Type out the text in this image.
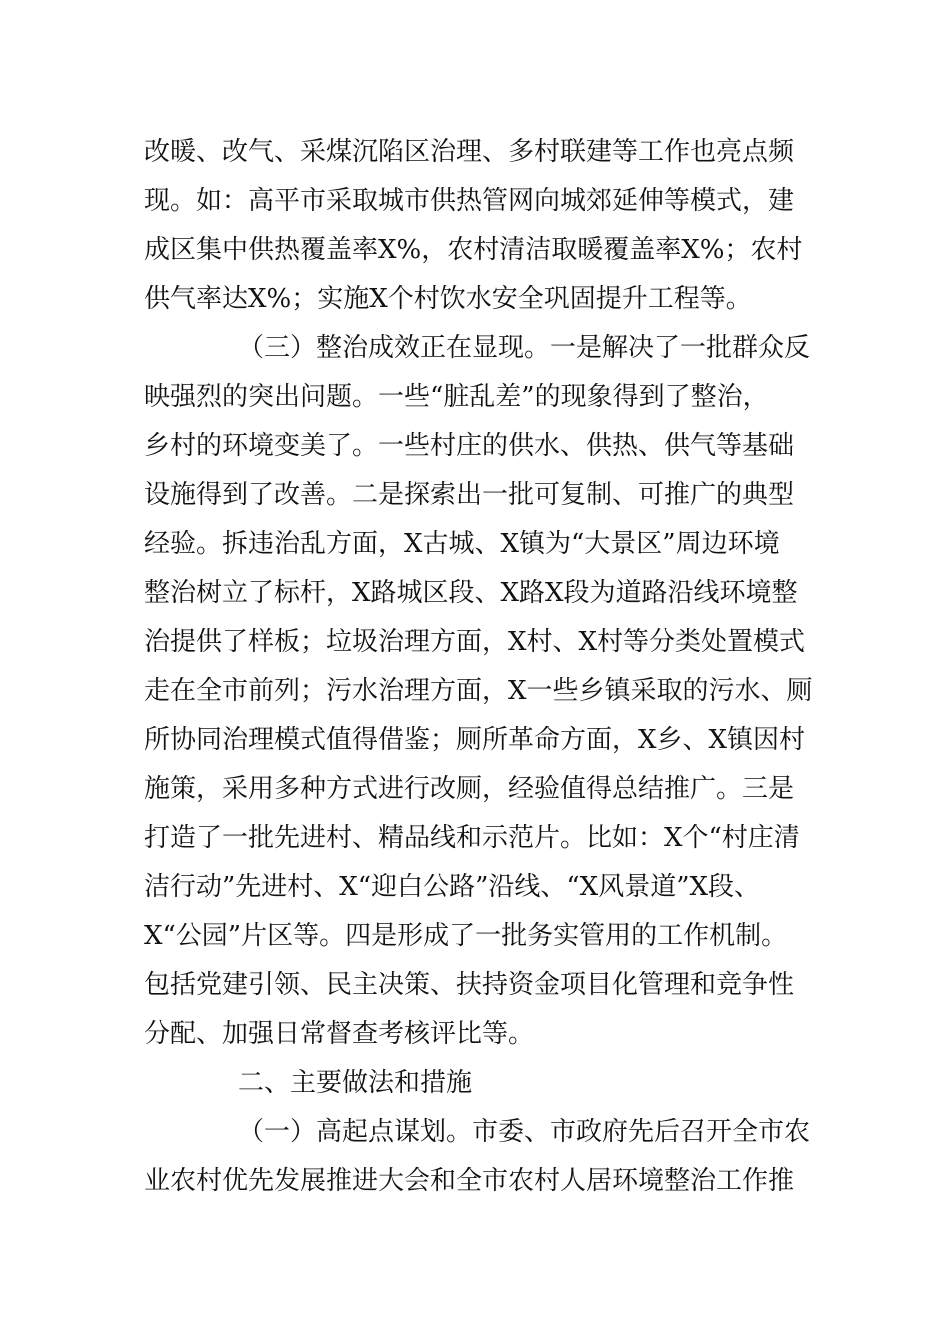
改暖、改气、采煤沉陷区治理、多村联建等工作也亮点频
现。如：高平市采取城市供热管网向城郊延伸等模式，建
成区集中供热覆盖率X%，农村清洁取暖覆盖率X%；农村
供气率达X%；实施X个村饮水安全巩固提升工程等。
（三）整治成效正在显现。一是解决了一批群众反
映强烈的突出问题。一些“脏乱差”的现象得到了整治，
乡村的环境变美了。一些村庄的供水、供热、供气等基础
设施得到了改善。二是探索出一批可复制、可推广的典型
经验。拆违治乱方面，X古城、X镇为“大景区”周边环境
整治树立了标杆，X路城区段、X路X段为道路沿线环境整
治提供了样板；垃圾治理方面，X村、X村等分类处置模式
走在全市前列；污水治理方面，X一些乡镇采取的污水、厕
所协同治理模式值得借鉴；厕所革命方面，X乡、X镇因村
施策，采用多种方式进行改厕，经验值得总结推广。三是
打造了一批先进村、精品线和示范片。比如：X个“村庄清
洁行动”先进村、X“迎白公路”沿线、“X风景道”X段、
X“公园”片区等。四是形成了一批务实管用的工作机制。
包括党建引领、民主决策、扶持资金项目化管理和竞争性
分配、加强日常督查考核评比等。
二、主要做法和措施
（一）高起点谋划。市委、市政府先后召开全市农
业农村优先发展推进大会和全市农村人居环境整治工作推
